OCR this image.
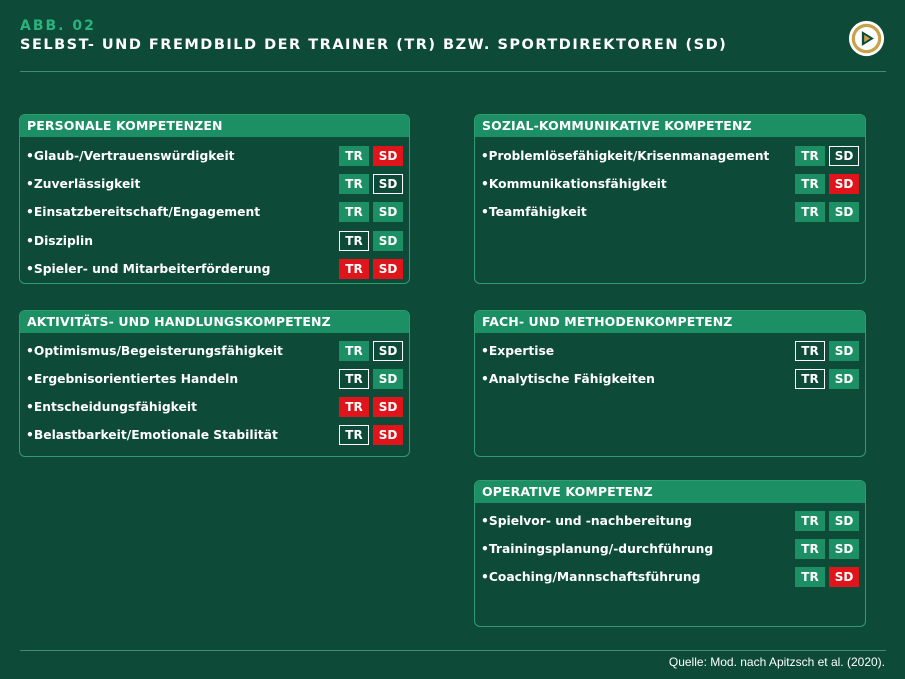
ABB. 02
SELBST- UND FREMDBILD DER TRAINER (TR) BZW. SPORTDIREKTOREN (SD)
PERSONALE KOMPETENZEN
•Glaub-/Vertrauenswürdigkeit	TR	SD
•Zuverlässigkeit	TR	SD
•Einsatzbereitschaft/Engagement	TR	SD
•Disziplin	TR	SD
•Spieler- und Mitarbeiterförderung	TR	SD
AKTIVITÄTS- UND HANDLUNGSKOMPETENZ
•Optimismus/Begeisterungsfähigkeit	TR	SD
•Ergebnisorientiertes Handeln	TR	SD
•Entscheidungsfähigkeit	TR	SD
•Belastbarkeit/Emotionale Stabilität	TR	SD
SOZIAL-KOMMUNIKATIVE KOMPETENZ
•Problemlösefähigkeit/Krisenmanagement	TR	SD
•Kommunikationsfähigkeit	TR	SD
•Teamfähigkeit	TR	SD
FACH- UND METHODENKOMPETENZ
•Expertise	TR	SD
•Analytische Fähigkeiten	TR	SD
OPERATIVE KOMPETENZ
•Spielvor- und -nachbereitung	TR	SD
•Trainingsplanung/-durchführung	TR	SD
•Coaching/Mannschaftsführung	TR	SD
Quelle: Mod. nach Apitzsch et al. (2020).
